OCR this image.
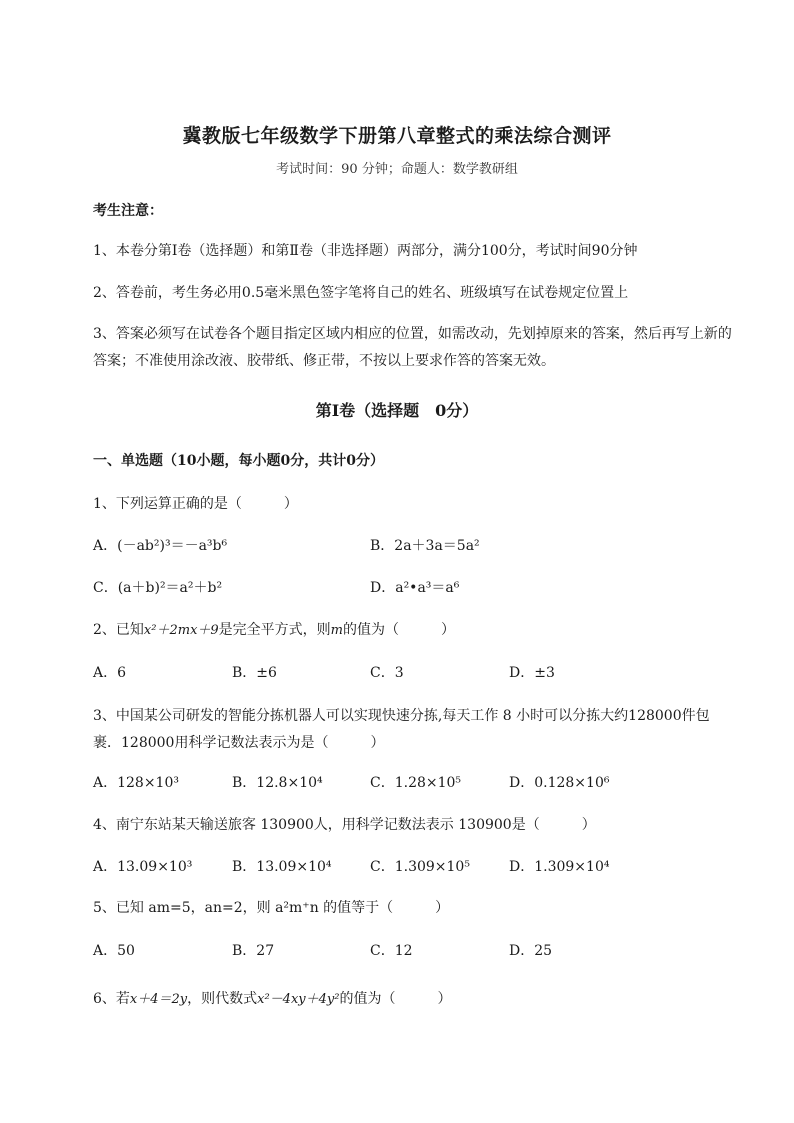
冀教版七年级数学下册第八章整式的乘法综合测评
考试时间：90 分钟；命题人：数学教研组
考生注意：
1、本卷分第Ⅰ卷（选择题）和第Ⅱ卷（非选择题）两部分，满分100分，考试时间90分钟
2、答卷前，考生务必用0.5毫米黑色签字笔将自己的姓名、班级填写在试卷规定位置上
3、答案必须写在试卷各个题目指定区域内相应的位置，如需改动，先划掉原来的答案，然后再写上新的答案；不准使用涂改液、胶带纸、修正带，不按以上要求作答的答案无效。
第Ⅰ卷（选择题　0分）
一、单选题（10小题，每小题0分，共计0分）
1、下列运算正确的是（　　　）
A．(－ab²)³＝－a³b⁶	B．2a＋3a＝5a²
C．(a＋b)²＝a²＋b²	D．a²•a³＝a⁶
2、已知x²＋2mx＋9是完全平方式，则m的值为（　　　）
A．6	B．±6	C．3	D．±3
3、中国某公司研发的智能分拣机器人可以实现快速分拣,每天工作 8 小时可以分拣大约128000件包裹．128000用科学记数法表示为是（　　　）
A．128×10³	B．12.8×10⁴	C．1.28×10⁵	D．0.128×10⁶
4、南宁东站某天输送旅客 130900人，用科学记数法表示 130900是（　　　）
A．13.09×10³	B．13.09×10⁴	C．1.309×10⁵	D．1.309×10⁴
5、已知 am=5，an=2，则 a²m⁺n 的值等于（　　　）
A．50	B．27	C．12	D．25
6、若x＋4＝2y，则代数式x²－4xy＋4y²的值为（　　　）
